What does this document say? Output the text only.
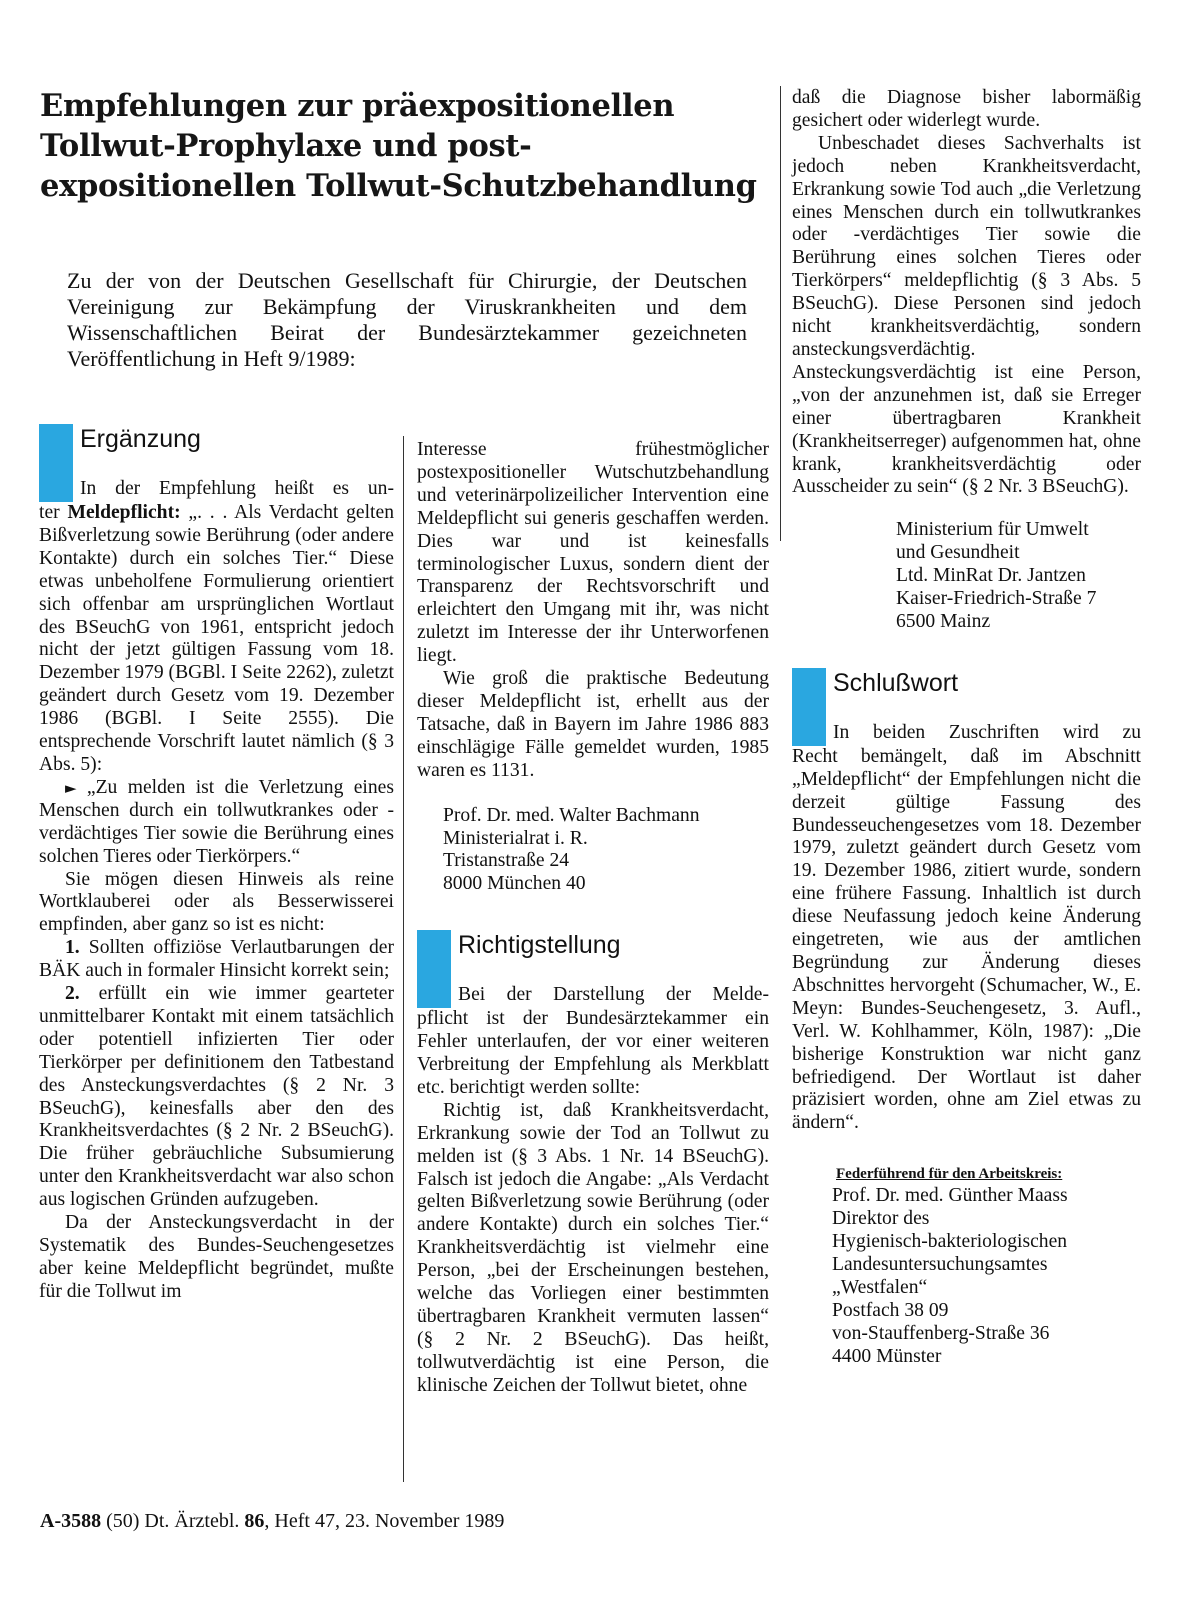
Empfehlungen zur präexpositionellen
Tollwut-Prophylaxe und post-
expositionellen Tollwut-Schutzbehandlung

Zu der von der Deutschen Gesellschaft für Chirurgie, der Deutschen Vereinigung zur Bekämpfung der Viruskrankheiten und dem Wissenschaftlichen Beirat der Bundesärztekammer gezeichneten Veröffentlichung in Heft 9/1989:

Ergänzung
In der Empfehlung heißt es un-

ter Meldepflicht: „. . . Als Verdacht gelten Bißverletzung sowie Berührung (oder andere Kontakte) durch ein solches Tier.“ Diese etwas unbeholfene Formulierung orientiert sich offenbar am ursprünglichen Wortlaut des BSeuchG von 1961, entspricht jedoch nicht der jetzt gültigen Fassung vom 18. Dezember 1979 (BGBl. I Seite 2262), zuletzt geändert durch Gesetz vom 19. Dezember 1986 (BGBl. I Seite 2555). Die entsprechende Vorschrift lautet nämlich (§ 3 Abs. 5):

► „Zu melden ist die Verletzung eines Menschen durch ein tollwutkrankes oder -verdächtiges Tier sowie die Berührung eines solchen Tieres oder Tierkörpers.“

Sie mögen diesen Hinweis als reine Wortklauberei oder als Besserwisserei empfinden, aber ganz so ist es nicht:

1. Sollten offiziöse Verlautbarungen der BÄK auch in formaler Hinsicht korrekt sein;

2. erfüllt ein wie immer gearteter unmittelbarer Kontakt mit einem tatsächlich oder potentiell infizierten Tier oder Tierkörper per definitionem den Tatbestand des Ansteckungsverdachtes (§ 2 Nr. 3 BSeuchG), keinesfalls aber den des Krankheitsverdachtes (§ 2 Nr. 2 BSeuchG). Die früher gebräuchliche Subsumierung unter den Krankheitsverdacht war also schon aus logischen Gründen aufzugeben.

Da der Ansteckungsverdacht in der Systematik des Bundes-Seuchengesetzes aber keine Meldepflicht begründet, mußte für die Tollwut im

Interesse frühestmöglicher postexpositioneller Wutschutzbehandlung und veterinärpolizeilicher Intervention eine Meldepflicht sui generis geschaffen werden. Dies war und ist keinesfalls terminologischer Luxus, sondern dient der Transparenz der Rechtsvorschrift und erleichtert den Umgang mit ihr, was nicht zuletzt im Interesse der ihr Unterworfenen liegt.

Wie groß die praktische Bedeutung dieser Meldepflicht ist, erhellt aus der Tatsache, daß in Bayern im Jahre 1986 883 einschlägige Fälle gemeldet wurden, 1985 waren es 1131.

Prof. Dr. med. Walter Bachmann
Ministerialrat i. R.
Tristanstraße 24
8000 München 40
Richtigstellung
Bei der Darstellung der Melde-

pflicht ist der Bundesärztekammer ein Fehler unterlaufen, der vor einer weiteren Verbreitung der Empfehlung als Merkblatt etc. berichtigt werden sollte:

Richtig ist, daß Krankheitsverdacht, Erkrankung sowie der Tod an Tollwut zu melden ist (§ 3 Abs. 1 Nr. 14 BSeuchG). Falsch ist jedoch die Angabe: „Als Verdacht gelten Bißverletzung sowie Berührung (oder andere Kontakte) durch ein solches Tier.“ Krankheitsverdächtig ist vielmehr eine Person, „bei der Erscheinungen bestehen, welche das Vorliegen einer bestimmten übertragbaren Krankheit vermuten lassen“ (§ 2 Nr. 2 BSeuchG). Das heißt, tollwutverdächtig ist eine Person, die klinische Zeichen der Tollwut bietet, ohne

daß die Diagnose bisher labormäßig gesichert oder widerlegt wurde.

Unbeschadet dieses Sachverhalts ist jedoch neben Krankheitsverdacht, Erkrankung sowie Tod auch „die Verletzung eines Menschen durch ein tollwutkrankes oder -verdächtiges Tier sowie die Berührung eines solchen Tieres oder Tierkörpers“ meldepflichtig (§ 3 Abs. 5 BSeuchG). Diese Personen sind jedoch nicht krankheitsverdächtig, sondern ansteckungsverdächtig. Ansteckungsverdächtig ist eine Person, „von der anzunehmen ist, daß sie Erreger einer übertragbaren Krankheit (Krankheitserreger) aufgenommen hat, ohne krank, krankheitsverdächtig oder Ausscheider zu sein“ (§ 2 Nr. 3 BSeuchG).

Ministerium für Umwelt
und Gesundheit
Ltd. MinRat Dr. Jantzen
Kaiser-Friedrich-Straße 7
6500 Mainz
Schlußwort
In beiden Zuschriften wird zu

Recht bemängelt, daß im Abschnitt „Meldepflicht“ der Empfehlungen nicht die derzeit gültige Fassung des Bundesseuchengesetzes vom 18. Dezember 1979, zuletzt geändert durch Gesetz vom 19. Dezember 1986, zitiert wurde, sondern eine frühere Fassung. Inhaltlich ist durch diese Neufassung jedoch keine Änderung eingetreten, wie aus der amtlichen Begründung zur Änderung dieses Abschnittes hervorgeht (Schumacher, W., E. Meyn: Bundes-Seuchengesetz, 3. Aufl., Verl. W. Kohlhammer, Köln, 1987): „Die bisherige Konstruktion war nicht ganz befriedigend. Der Wortlaut ist daher präzisiert worden, ohne am Ziel etwas zu ändern“.

Federführend für den Arbeitskreis:
Prof. Dr. med. Günther Maass
Direktor des
Hygienisch-bakteriologischen
Landesuntersuchungsamtes
„Westfalen“
Postfach 38 09
von-Stauffenberg-Straße 36
4400 Münster
A-3588 (50) Dt. Ärztebl. 86, Heft 47, 23. November 1989
